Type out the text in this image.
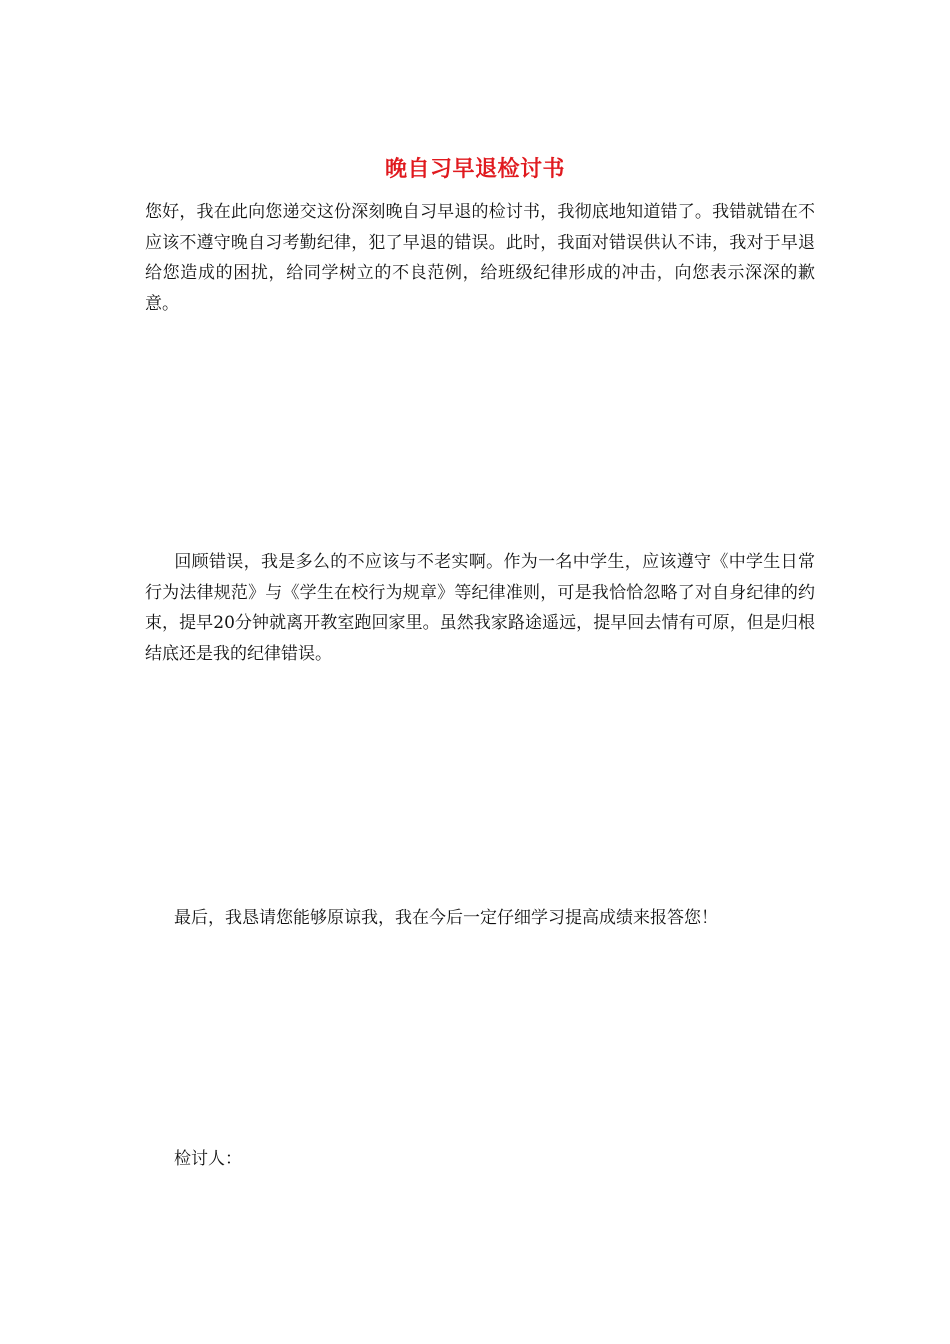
晚自习早退检讨书
您好，我在此向您递交这份深刻晚自习早退的检讨书，我彻底地知道错了。我错就错在不应该不遵守晚自习考勤纪律，犯了早退的错误。此时，我面对错误供认不讳，我对于早退给您造成的困扰，给同学树立的不良范例，给班级纪律形成的冲击，向您表示深深的歉意。
回顾错误，我是多么的不应该与不老实啊。作为一名中学生，应该遵守《中学生日常行为法律规范》与《学生在校行为规章》等纪律准则，可是我恰恰忽略了对自身纪律的约束，提早20分钟就离开教室跑回家里。虽然我家路途遥远，提早回去情有可原，但是归根结底还是我的纪律错误。
最后，我恳请您能够原谅我，我在今后一定仔细学习提高成绩来报答您！
检讨人：
